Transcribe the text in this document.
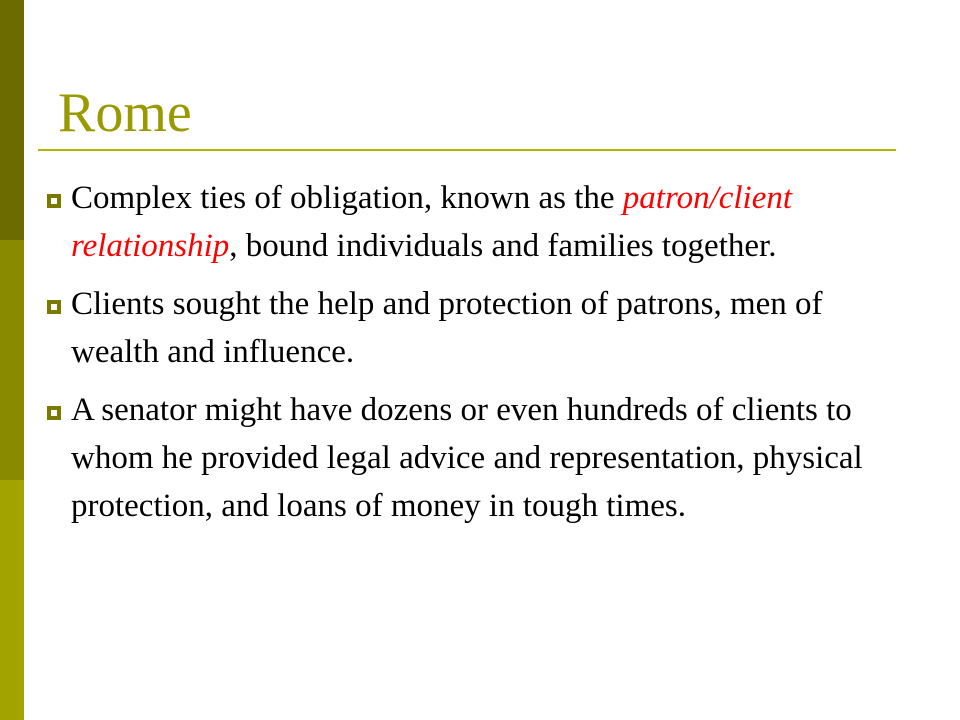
Rome
Complex ties of obligation, known as the patron/client relationship, bound individuals and families together.
Clients sought the help and protection of patrons, men of wealth and influence.
A senator might have dozens or even hundreds of clients to whom he provided legal advice and representation, physical protection, and loans of money in tough times.
